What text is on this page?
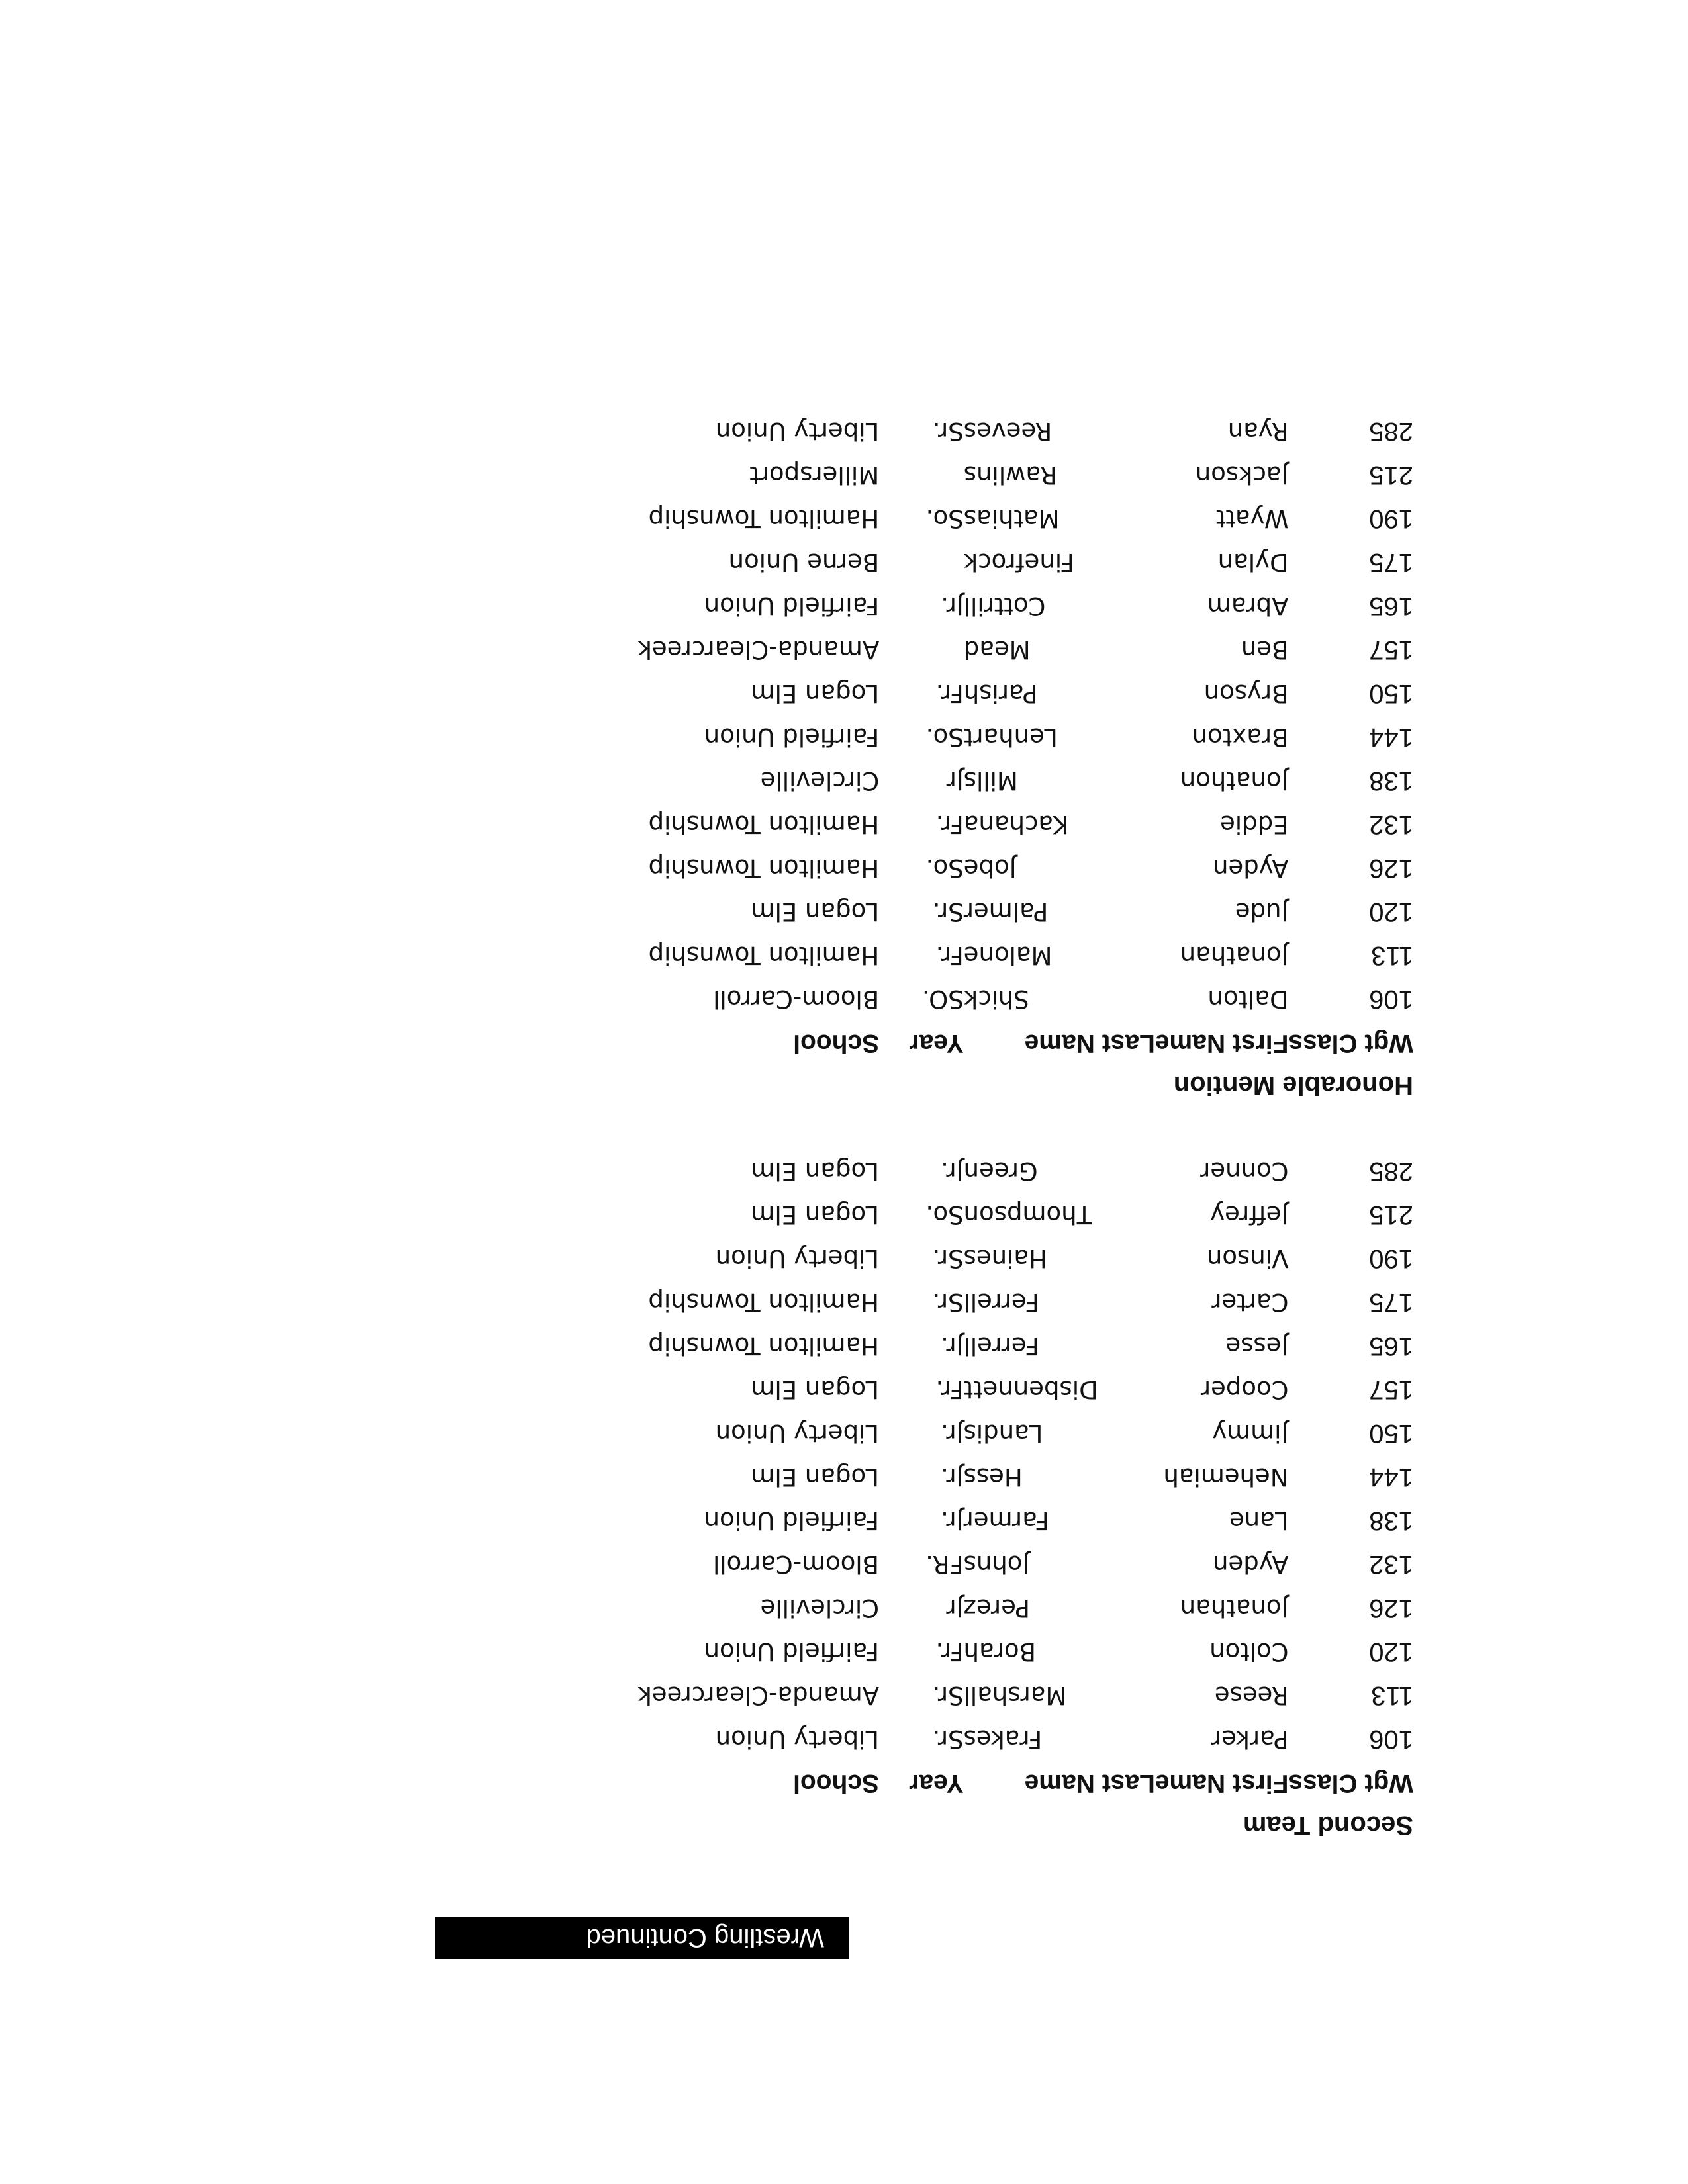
Wrestling Continued
Second Team
Wgt Class	First Name	Last Name	Year	School
106	Parker	Frakes	Sr.	Liberty Union
113	Reese	Marshall	Sr.	Amanda-Clearcreek
120	Colton	Borah	Fr.	Fairfield Union
126	Jonathan	Perez	Jr	Circleville
132	Ayden	Johns	FR.	Bloom-Carroll
138	Lane	Farmer	Jr.	Fairfield Union
144	Nehemiah	Hess	Jr.	Logan Elm
150	Jimmy	Landis	Jr.	Liberty Union
157	Cooper	Disbennett	Fr.	Logan Elm
165	Jesse	Ferrell	Jr.	Hamilton Township
175	Carter	Ferrell	Sr.	Hamilton Township
190	Vinson	Haines	Sr.	Liberty Union
215	Jeffrey	Thompson	So.	Logan Elm
285	Conner	Green	Jr.	Logan Elm
Honorable Mention
Wgt Class	First Name	Last Name	Year	School
106	Dalton	Shick	SO.	Bloom-Carroll
113	Jonathan	Malone	Fr.	Hamilton Township
120	Jude	Palmer	Sr.	Logan Elm
126	Ayden	Jobe	So.	Hamilton Township
132	Eddie	Kachana	Fr.	Hamilton Township
138	Jonathon	Mills	Jr	Circleville
144	Braxton	Lenhart	So.	Fairfield Union
150	Bryson	Parish	Fr.	Logan Elm
157	Ben	Mead		Amanda-Clearcreek
165	Abram	Cottrill	Jr.	Fairfield Union
175	Dylan	Finefrock		Berne Union
190	Wyatt	Mathias	So.	Hamilton Township
215	Jackson	Rawlins		Millersport
285	Ryan	Reeves	Sr.	Liberty Union
